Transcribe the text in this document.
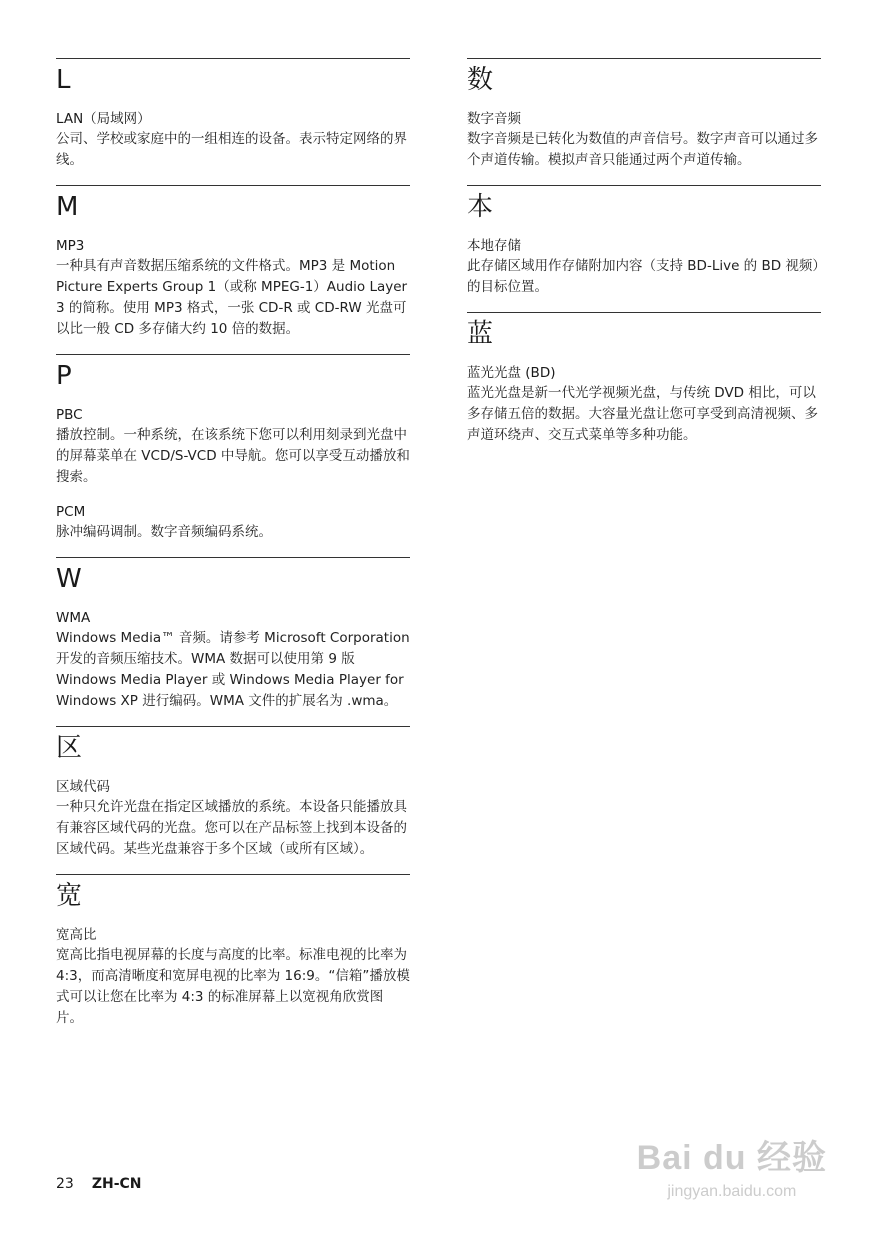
L

LAN（局域网）

公司、学校或家庭中的一组相连的设备。表示特定网络的界线。

M

MP3

一种具有声音数据压缩系统的文件格式。MP3 是 Motion Picture Experts Group 1（或称 MPEG-1）Audio Layer 3 的简称。使用 MP3 格式，一张 CD-R 或 CD-RW 光盘可以比一般 CD 多存储大约 10 倍的数据。

P

PBC

播放控制。一种系统，在该系统下您可以利用刻录到光盘中的屏幕菜单在 VCD/S-VCD 中导航。您可以享受互动播放和搜索。

PCM

脉冲编码调制。数字音频编码系统。

W

WMA

Windows Media™ 音频。请参考 Microsoft Corporation 开发的音频压缩技术。WMA 数据可以使用第 9 版 Windows Media Player 或 Windows Media Player for Windows XP 进行编码。WMA 文件的扩展名为 .wma。

区

区域代码

一种只允许光盘在指定区域播放的系统。本设备只能播放具有兼容区域代码的光盘。您可以在产品标签上找到本设备的区域代码。某些光盘兼容于多个区域（或所有区域）。

宽

宽高比

宽高比指电视屏幕的长度与高度的比率。标准电视的比率为 4:3，而高清晰度和宽屏电视的比率为 16:9。“信箱”播放模式可以让您在比率为 4:3 的标准屏幕上以宽视角欣赏图片。

数

数字音频

数字音频是已转化为数值的声音信号。数字声音可以通过多个声道传输。模拟声音只能通过两个声道传输。

本

本地存储

此存储区域用作存储附加内容（支持 BD-Live 的 BD 视频）的目标位置。

蓝

蓝光光盘 (BD)

蓝光光盘是新一代光学视频光盘，与传统 DVD 相比，可以多存储五倍的数据。大容量光盘让您可享受到高清视频、多声道环绕声、交互式菜单等多种功能。

23 ZH-CN
Bai du 经验
jingyan.baidu.com
